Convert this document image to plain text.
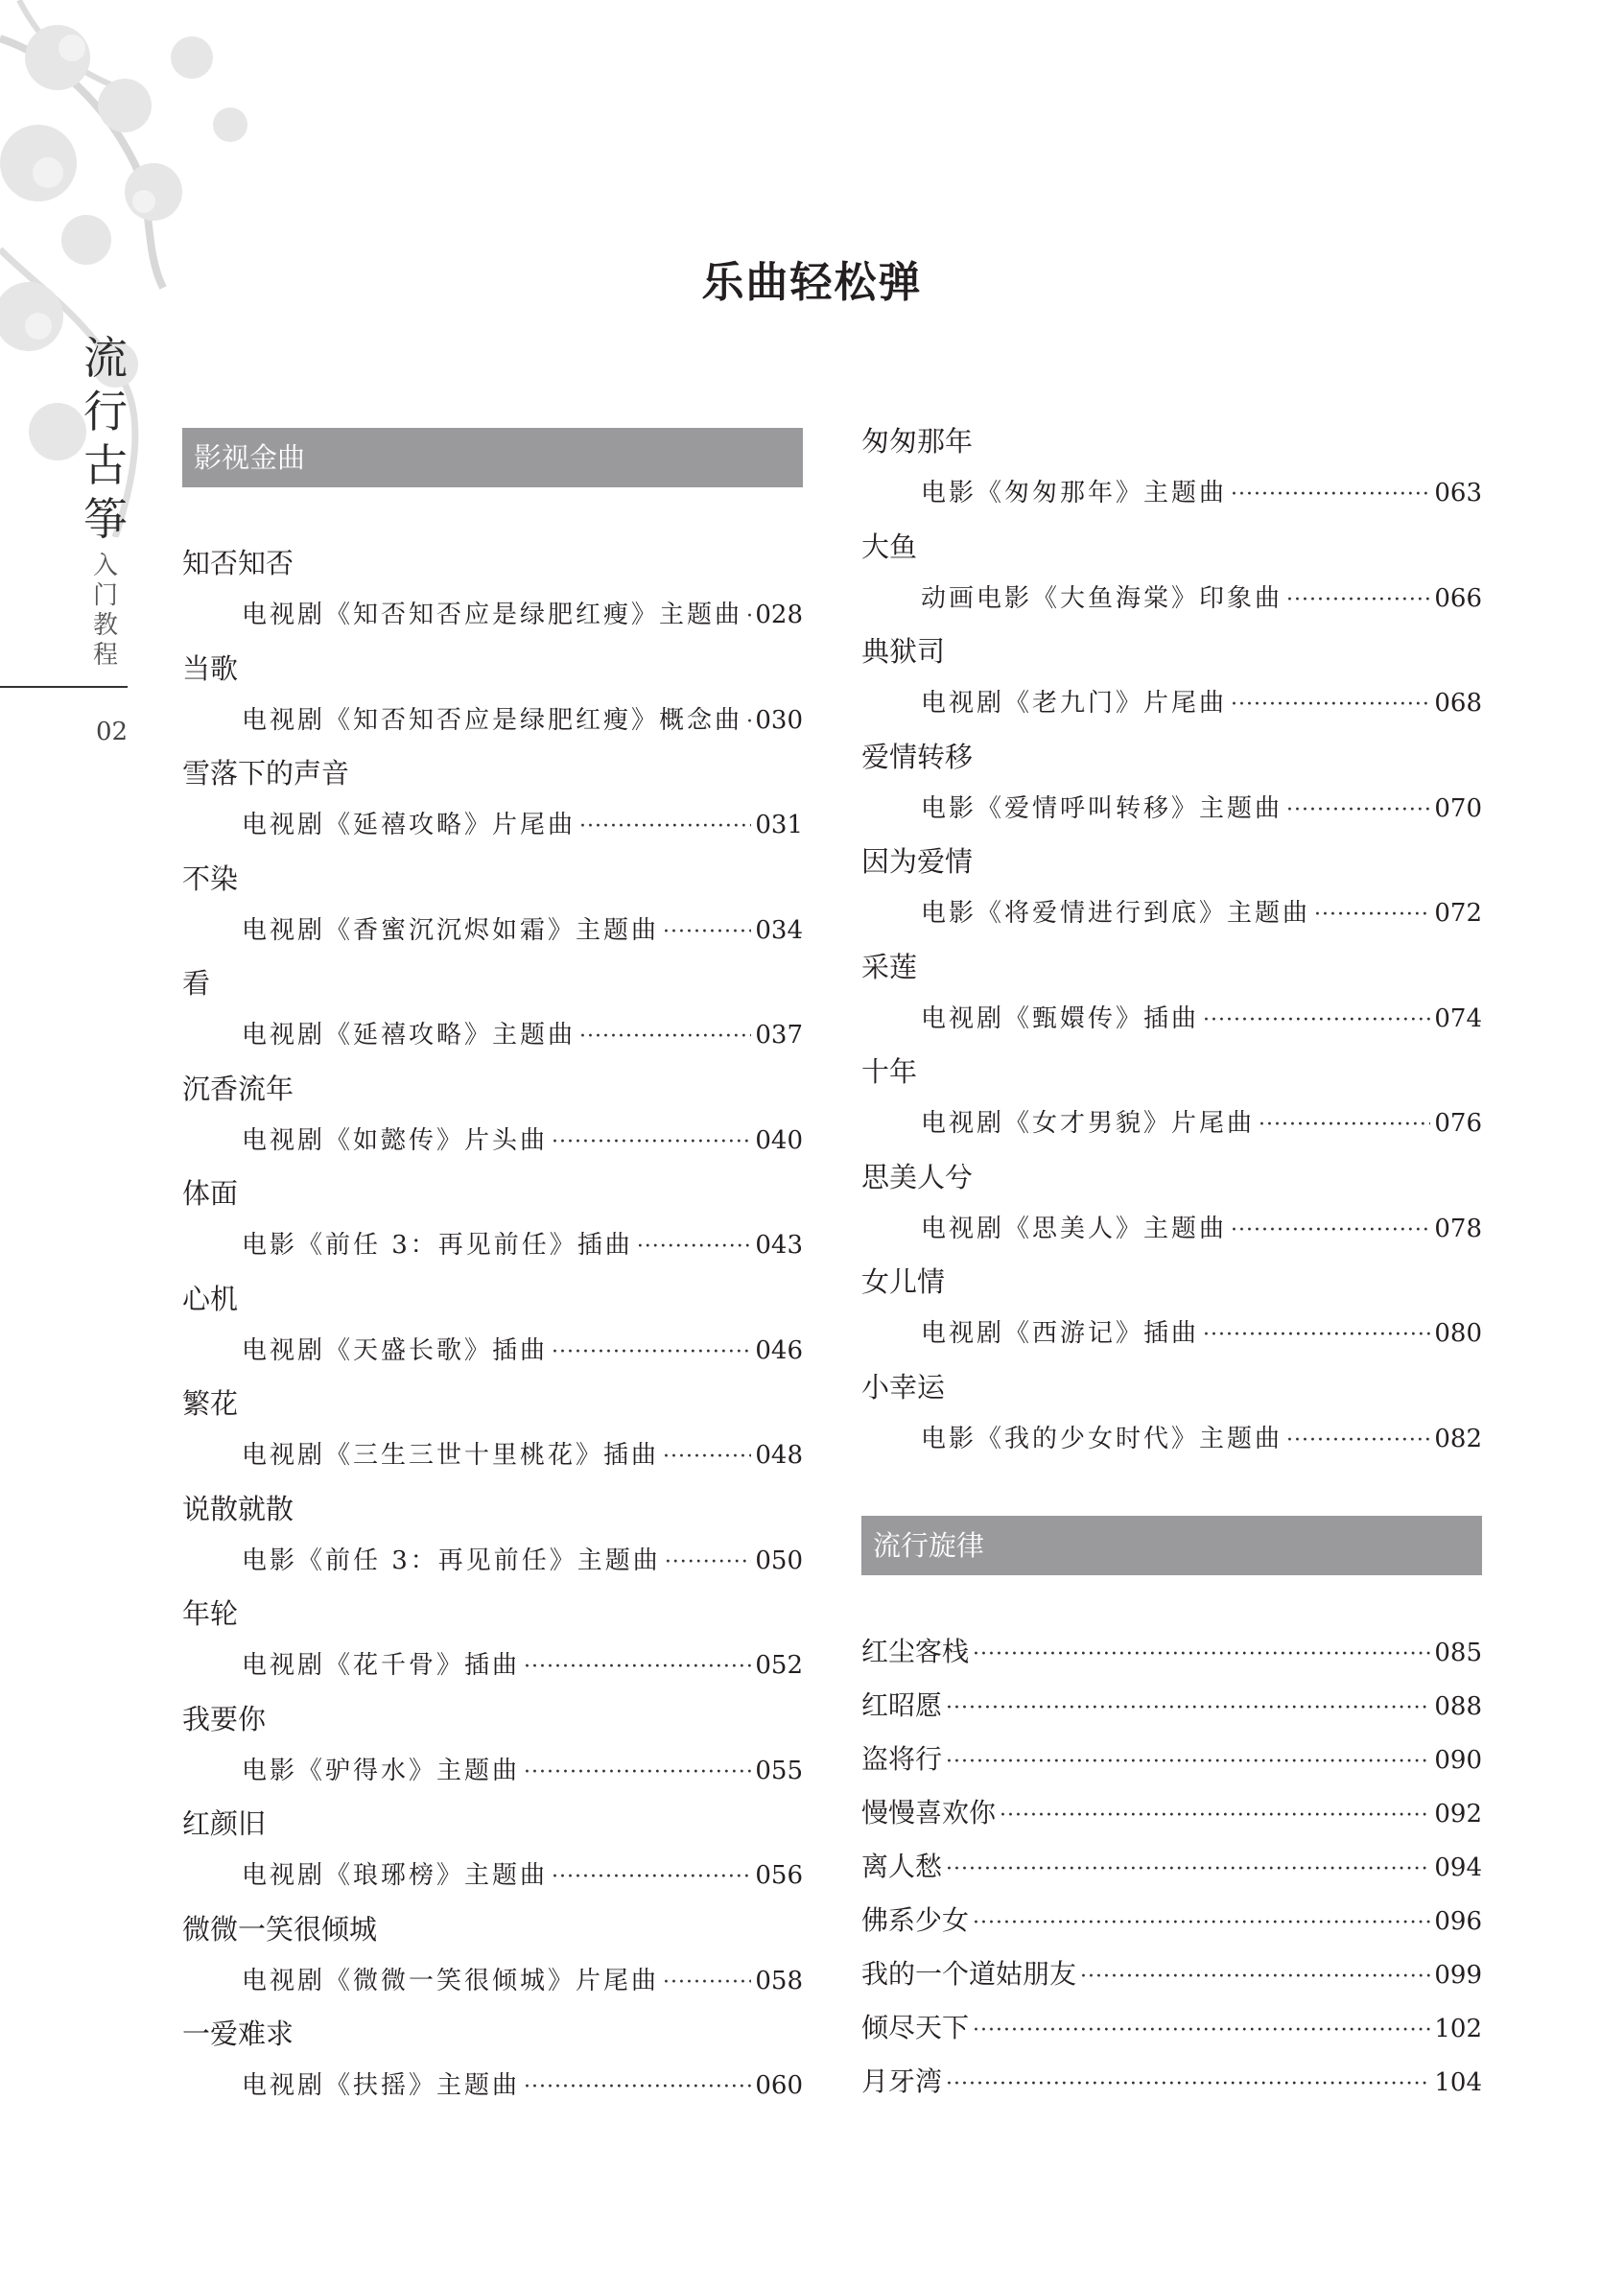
流
行
古
筝
入
门
教
程
02
乐曲轻松弹
影视金曲
知否知否
电视剧《知否知否应是绿肥红瘦》主题曲 ····· 028
当歌
电视剧《知否知否应是绿肥红瘦》概念曲 ····· 030
雪落下的声音
电视剧《延禧攻略》片尾曲 ·····	031
不染
电视剧《香蜜沉沉烬如霜》主题曲 ·····	034
看
电视剧《延禧攻略》主题曲 ·····	037
沉香流年
电视剧《如懿传》片头曲 ·····	040
体面
电影《前任 3：再见前任》插曲 ·····	043
心机
电视剧《天盛长歌》插曲 ·····	046
繁花
电视剧《三生三世十里桃花》插曲 ·····	048
说散就散
电影《前任 3：再见前任》主题曲 ·····	050
年轮
电视剧《花千骨》插曲 ·····	052
我要你
电影《驴得水》主题曲 ·····	055
红颜旧
电视剧《琅琊榜》主题曲 ·····	056
微微一笑很倾城
电视剧《微微一笑很倾城》片尾曲 ·····	058
一爱难求
电视剧《扶摇》主题曲 ·····	060
流行旋律
匆匆那年
电影《匆匆那年》主题曲 ·····	063
大鱼
动画电影《大鱼海棠》印象曲 ·····	066
典狱司
电视剧《老九门》片尾曲 ·····	068
爱情转移
电影《爱情呼叫转移》主题曲 ·····	070
因为爱情
电影《将爱情进行到底》主题曲 ·····	072
采莲
电视剧《甄嬛传》插曲 ·····	074
十年
电视剧《女才男貌》片尾曲 ·····	076
思美人兮
电视剧《思美人》主题曲 ·····	078
女儿情
电视剧《西游记》插曲 ·····	080
小幸运
电影《我的少女时代》主题曲 ·····	082
红尘客栈 ·····	085
红昭愿 ·····	088
盗将行 ·····	090
慢慢喜欢你 ·····	092
离人愁 ·····	094
佛系少女 ·····	096
我的一个道姑朋友 ·····	099
倾尽天下 ·····	102
月牙湾 ·····	104
